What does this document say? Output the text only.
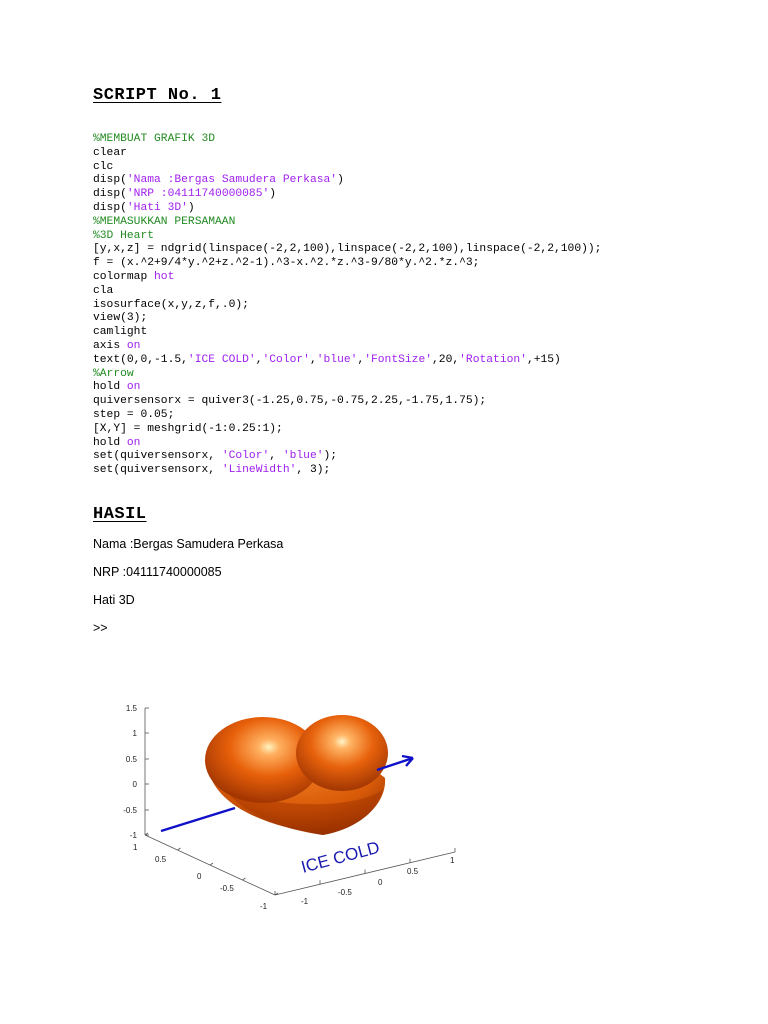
SCRIPT No. 1
%MEMBUAT GRAFIK 3D
clear
clc
disp('Nama :Bergas Samudera Perkasa')
disp('NRP :04111740000085')
disp('Hati 3D')
%MEMASUKKAN PERSAMAAN
%3D Heart
[y,x,z] = ndgrid(linspace(-2,2,100),linspace(-2,2,100),linspace(-2,2,100));
f = (x.^2+9/4*y.^2+z.^2-1).^3-x.^2.*z.^3-9/80*y.^2.*z.^3;
colormap hot
cla
isosurface(x,y,z,f,.0);
view(3);
camlight
axis on
text(0,0,-1.5,'ICE COLD','Color','blue','FontSize',20,'Rotation',+15)
%Arrow
hold on
quiversensorx = quiver3(-1.25,0.75,-0.75,2.25,-1.75,1.75);
step = 0.05;
[X,Y] = meshgrid(-1:0.25:1);
hold on
set(quiversensorx, 'Color', 'blue');
set(quiversensorx, 'LineWidth', 3);
HASIL

Nama :Bergas Samudera Perkasa

NRP :04111740000085

Hati 3D

>>

1.5
1
0.5
0
-0.5
-1
1
0.5
0
-0.5
-1
-1
-0.5
0
0.5
1
ICE COLD
